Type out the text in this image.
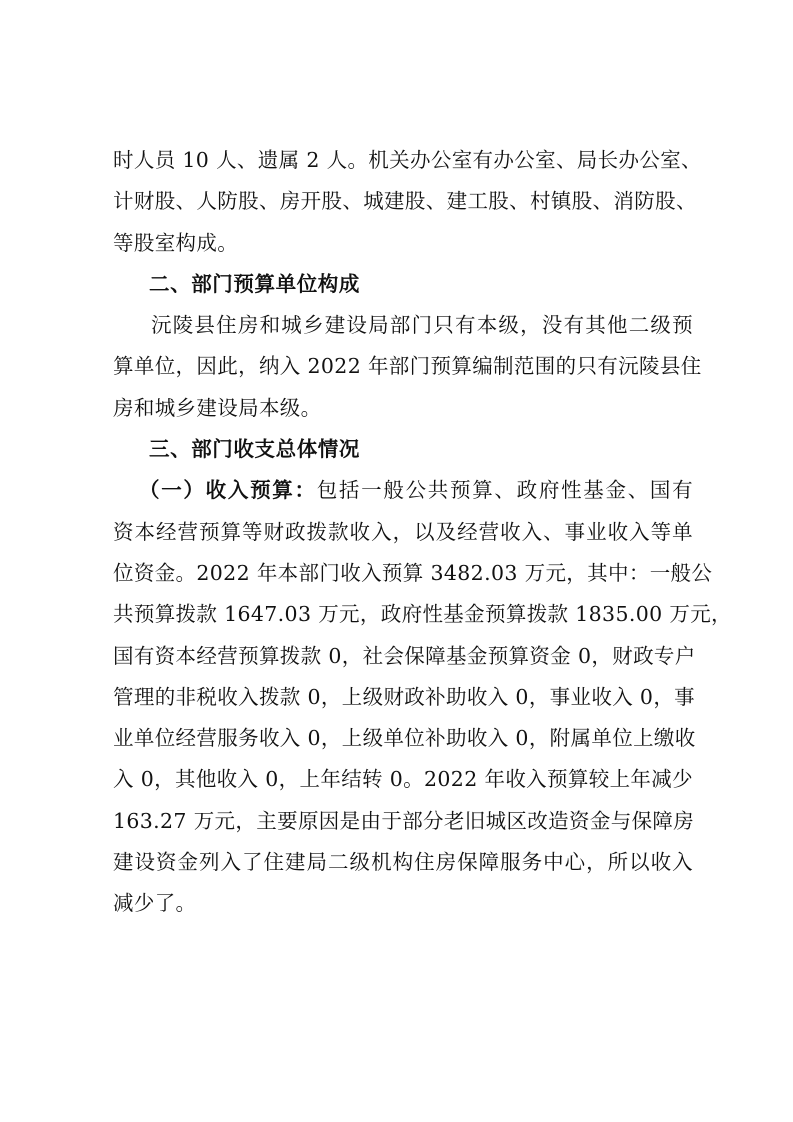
时人员 10 人、遗属 2 人。机关办公室有办公室、局长办公室、
计财股、人防股、房开股、城建股、建工股、村镇股、消防股、
等股室构成。
二、部门预算单位构成
沅陵县住房和城乡建设局部门只有本级，没有其他二级预
算单位，因此，纳入 2022 年部门预算编制范围的只有沅陵县住
房和城乡建设局本级。
三、部门收支总体情况
（一）收入预算：包括一般公共预算、政府性基金、国有
资本经营预算等财政拨款收入，以及经营收入、事业收入等单
位资金。2022 年本部门收入预算 3482.03 万元，其中：一般公
共预算拨款 1647.03 万元，政府性基金预算拨款 1835.00 万元，
国有资本经营预算拨款 0，社会保障基金预算资金 0，财政专户
管理的非税收入拨款 0，上级财政补助收入 0，事业收入 0，事
业单位经营服务收入 0，上级单位补助收入 0，附属单位上缴收
入 0，其他收入 0，上年结转 0。2022 年收入预算较上年减少
163.27 万元，主要原因是由于部分老旧城区改造资金与保障房
建设资金列入了住建局二级机构住房保障服务中心，所以收入
减少了。
